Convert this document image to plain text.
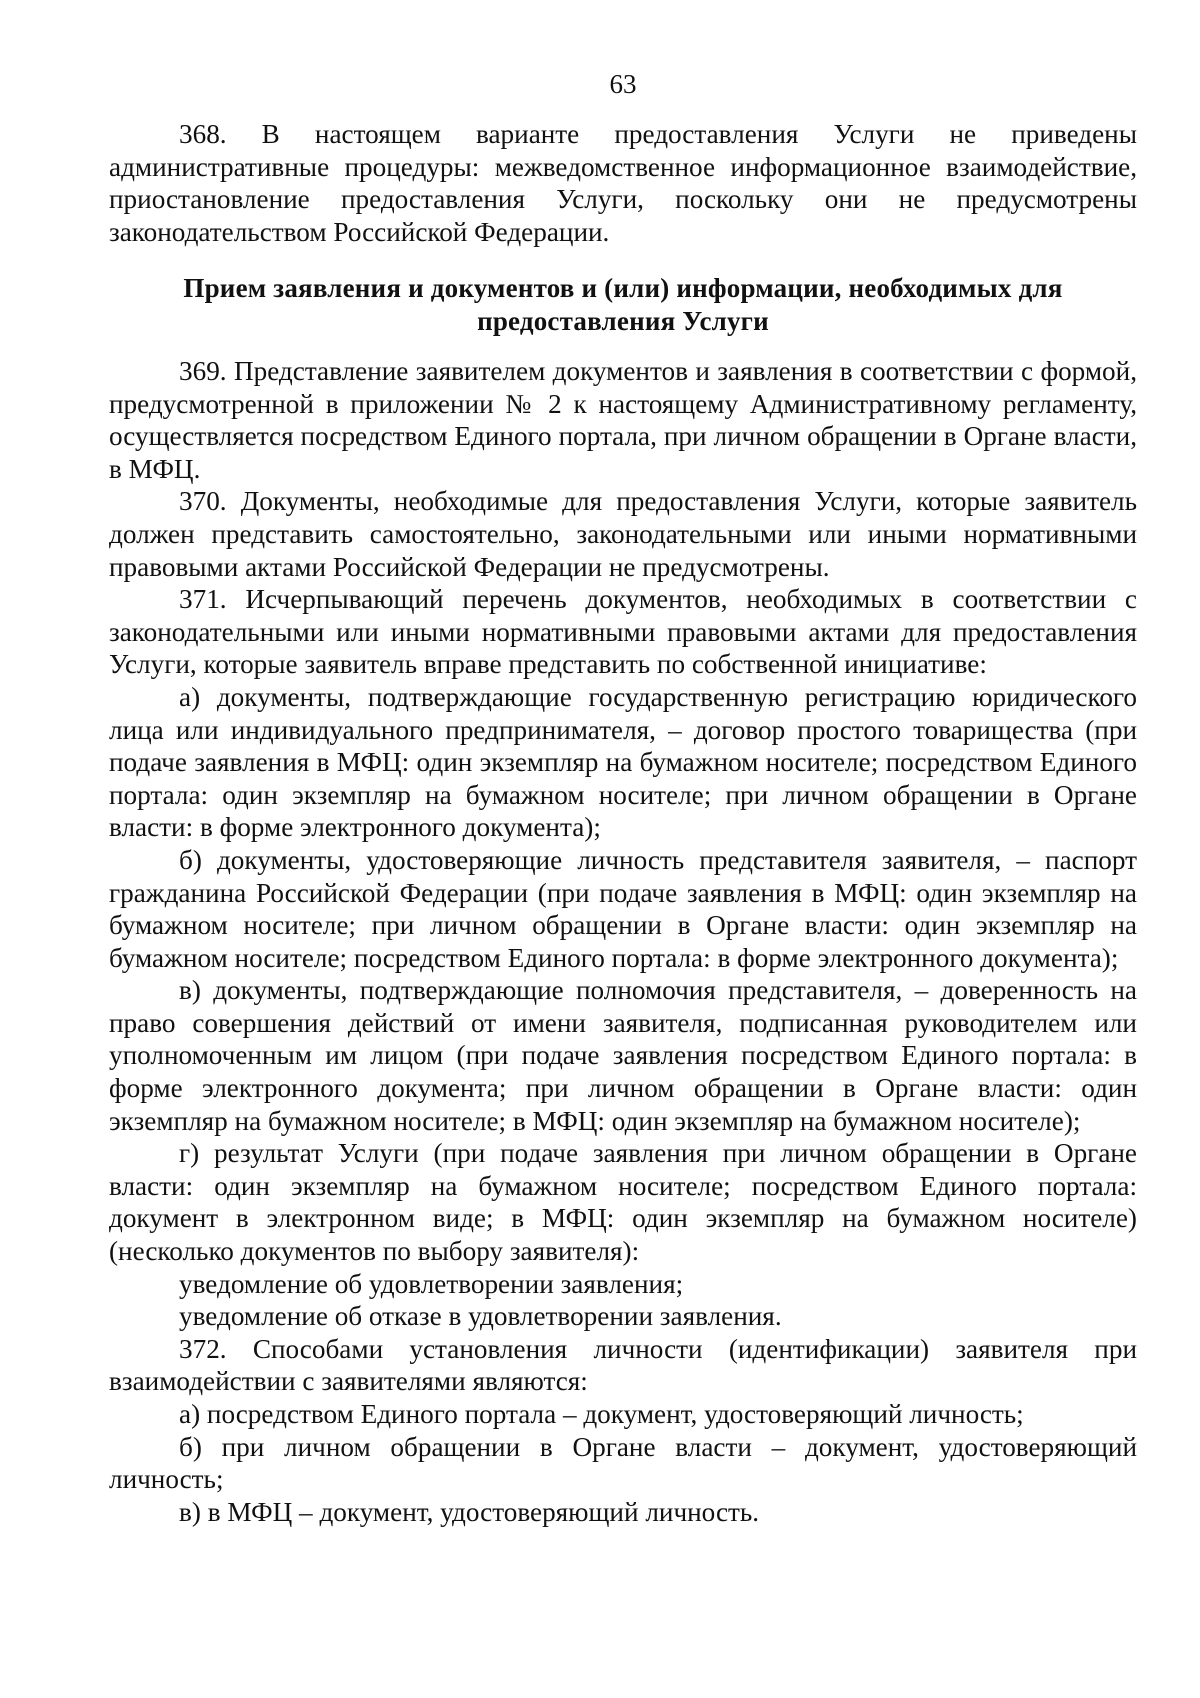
63

368. В настоящем варианте предоставления Услуги не приведены административные процедуры: межведомственное информационное взаимодействие, приостановление предоставления Услуги, поскольку они не предусмотрены законодательством Российской Федерации.

Прием заявления и документов и (или) информации, необходимых для предоставления Услуги

369. Представление заявителем документов и заявления в соответствии с формой, предусмотренной в приложении № 2 к настоящему Административному регламенту, осуществляется посредством Единого портала, при личном обращении в Органе власти, в МФЦ.

370. Документы, необходимые для предоставления Услуги, которые заявитель должен представить самостоятельно, законодательными или иными нормативными правовыми актами Российской Федерации не предусмотрены.

371. Исчерпывающий перечень документов, необходимых в соответствии с законодательными или иными нормативными правовыми актами для предоставления Услуги, которые заявитель вправе представить по собственной инициативе:

а) документы, подтверждающие государственную регистрацию юридического лица или индивидуального предпринимателя, – договор простого товарищества (при подаче заявления в МФЦ: один экземпляр на бумажном носителе; посредством Единого портала: один экземпляр на бумажном носителе; при личном обращении в Органе власти: в форме электронного документа);

б) документы, удостоверяющие личность представителя заявителя, – паспорт гражданина Российской Федерации (при подаче заявления в МФЦ: один экземпляр на бумажном носителе; при личном обращении в Органе власти: один экземпляр на бумажном носителе; посредством Единого портала: в форме электронного документа);

в) документы, подтверждающие полномочия представителя, – доверенность на право совершения действий от имени заявителя, подписанная руководителем или уполномоченным им лицом (при подаче заявления посредством Единого портала: в форме электронного документа; при личном обращении в Органе власти: один экземпляр на бумажном носителе; в МФЦ: один экземпляр на бумажном носителе);

г) результат Услуги (при подаче заявления при личном обращении в Органе власти: один экземпляр на бумажном носителе; посредством Единого портала: документ в электронном виде; в МФЦ: один экземпляр на бумажном носителе) (несколько документов по выбору заявителя):

уведомление об удовлетворении заявления;

уведомление об отказе в удовлетворении заявления.

372. Способами установления личности (идентификации) заявителя при взаимодействии с заявителями являются:

а) посредством Единого портала – документ, удостоверяющий личность;

б) при личном обращении в Органе власти – документ, удостоверяющий личность;

в) в МФЦ – документ, удостоверяющий личность.
